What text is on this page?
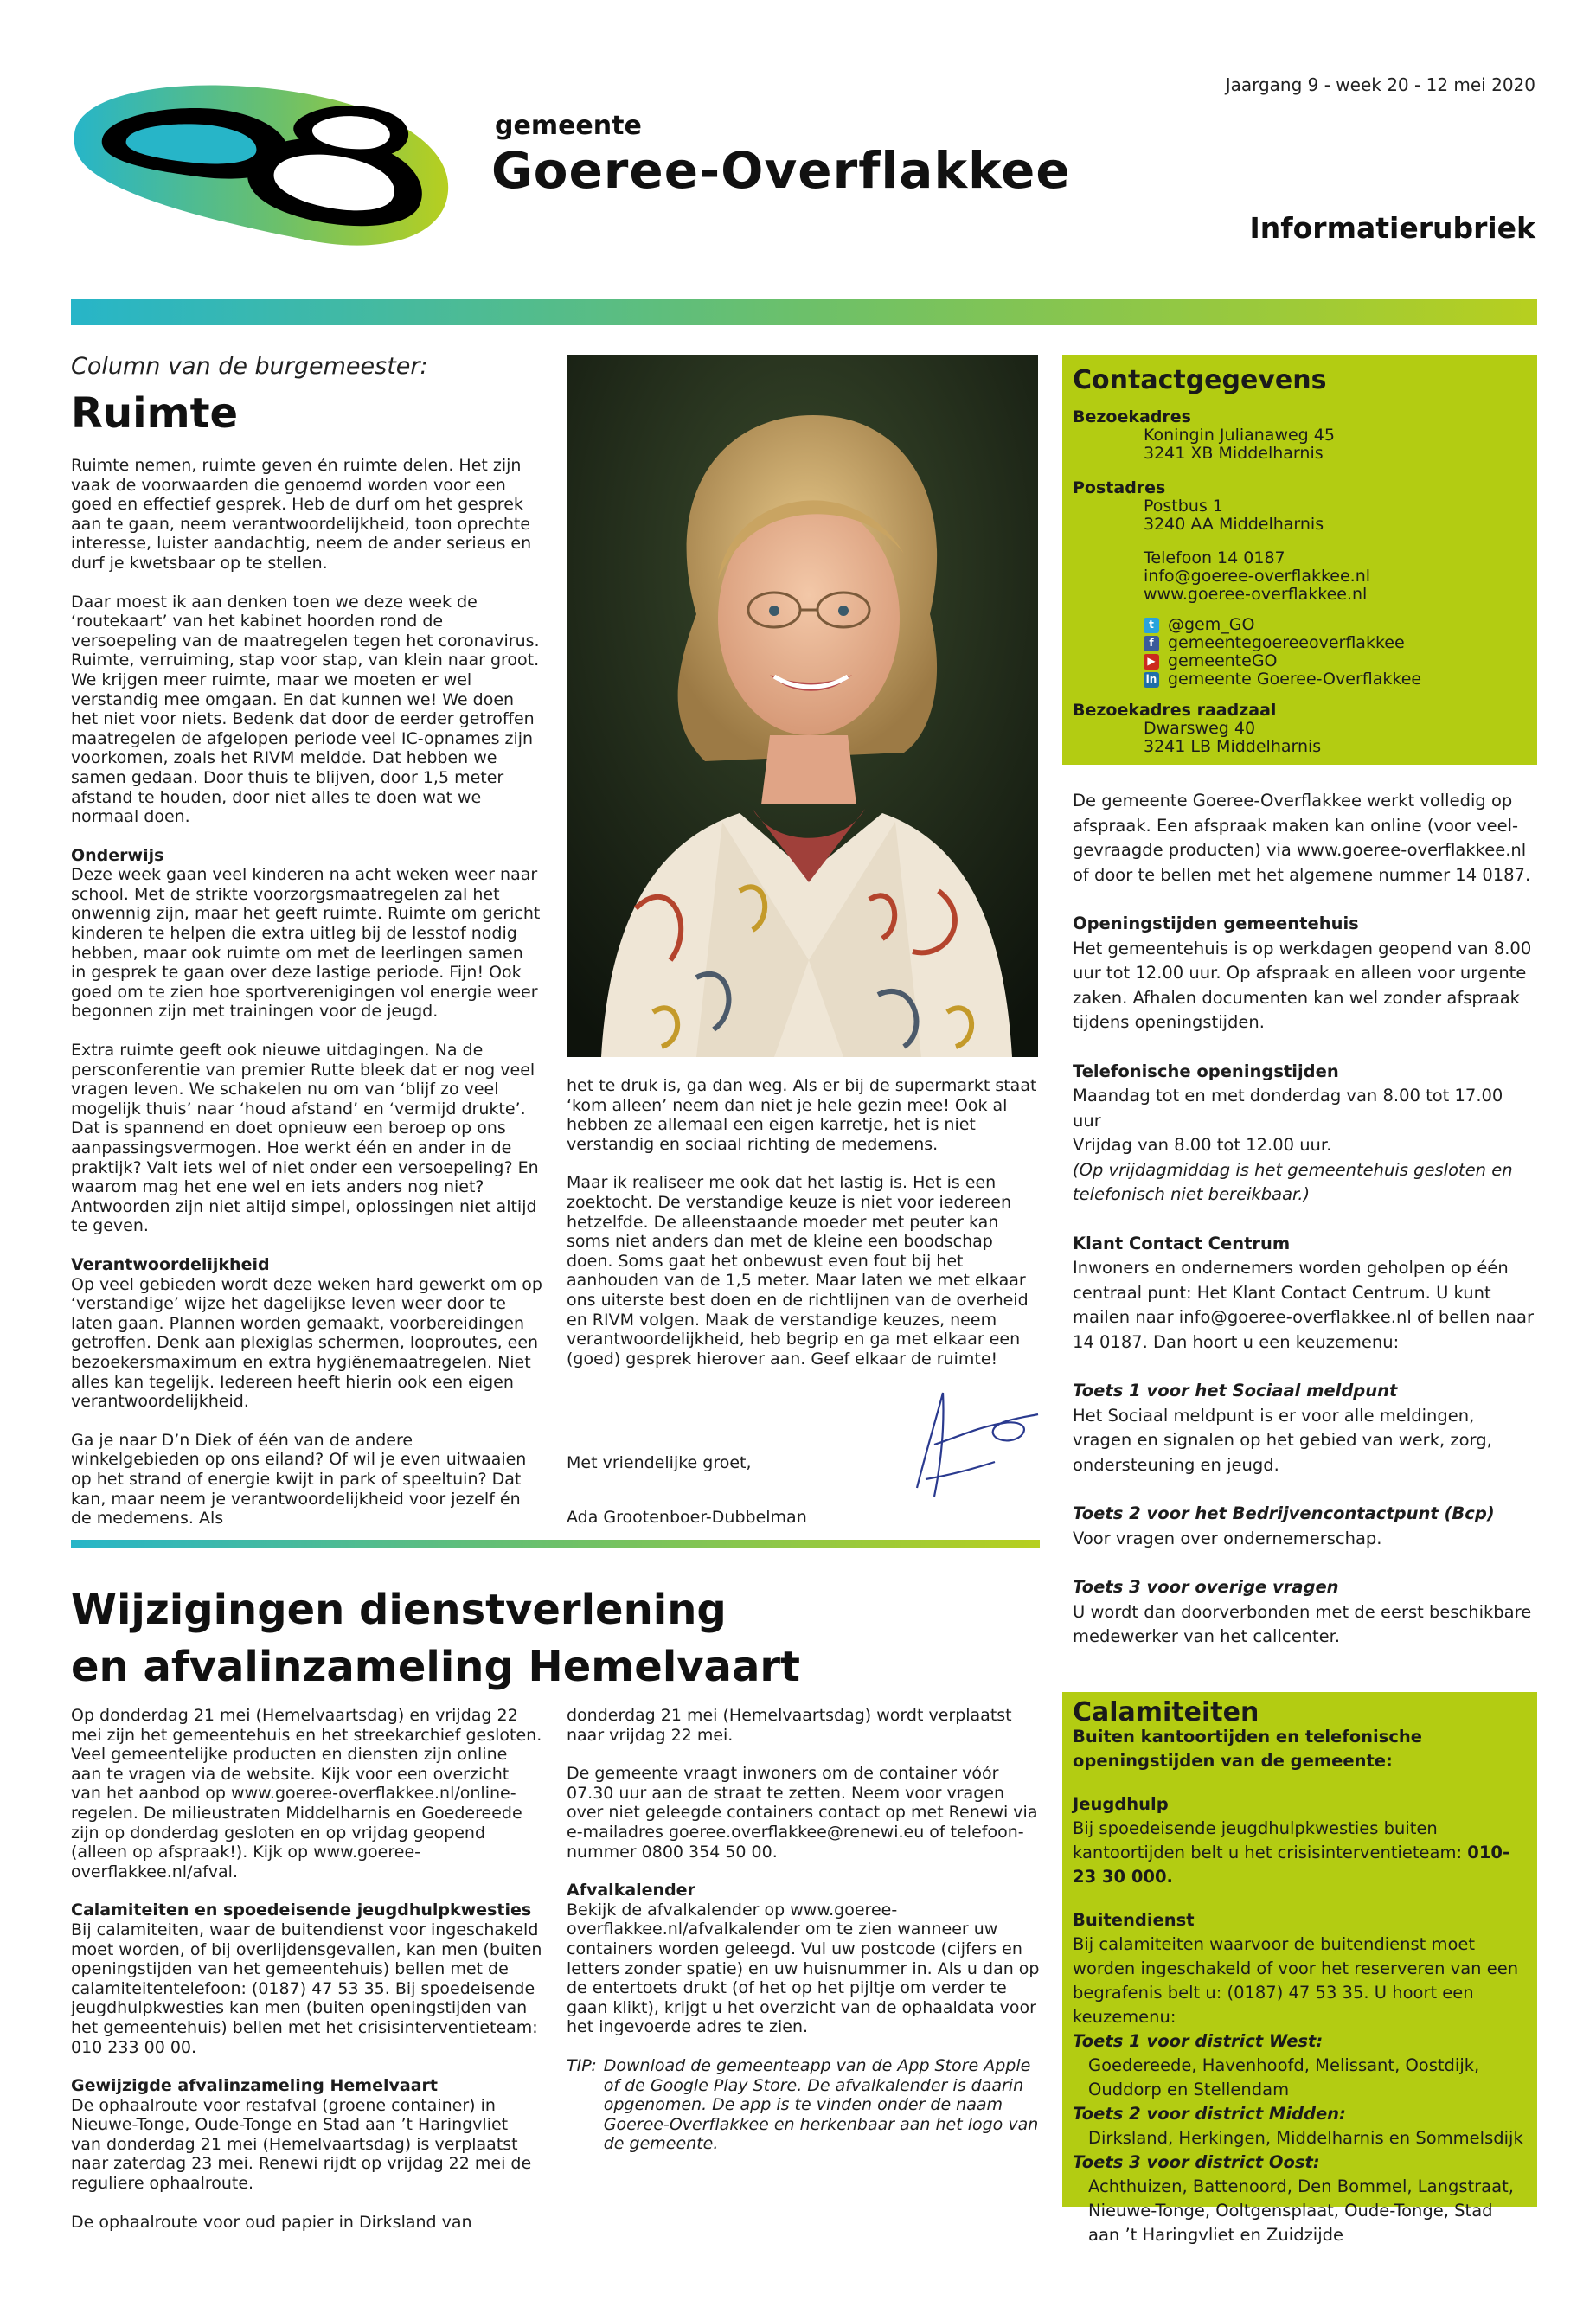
Jaargang 9 - week 20 - 12 mei 2020
gemeente
Goeree-Overflakkee
Informatierubriek
Column van de burgemeester:
Ruimte

Ruimte nemen, ruimte geven én ruimte delen. Het zijn vaak de voorwaarden die genoemd worden voor een goed en effectief gesprek. Heb de durf om het gesprek aan te gaan, neem verantwoordelijkheid, toon oprechte interesse, luister aandachtig, neem de ander serieus en durf je kwetsbaar op te stellen.

Daar moest ik aan denken toen we deze week de ‘routekaart’ van het kabinet hoorden rond de versoepeling van de maatregelen tegen het coronavirus. Ruimte, verruiming, stap voor stap, van klein naar groot. We krijgen meer ruimte, maar we moeten er wel verstandig mee omgaan. En dat kunnen we! We doen het niet voor niets. Bedenk dat door de eerder getroffen maatregelen de afgelopen periode veel IC-opnames zijn voorkomen, zoals het RIVM meldde. Dat hebben we samen gedaan. Door thuis te blijven, door 1,5 meter afstand te houden, door niet alles te doen wat we normaal doen.

Onderwijs
Deze week gaan veel kinderen na acht weken weer naar school. Met de strikte voorzorgsmaatregelen zal het onwennig zijn, maar het geeft ruimte. Ruimte om gericht kinderen te helpen die extra uitleg bij de lesstof nodig hebben, maar ook ruimte om met de leerlingen samen in gesprek te gaan over deze lastige periode. Fijn! Ook goed om te zien hoe sportverenigingen vol energie weer begonnen zijn met trainingen voor de jeugd.

Extra ruimte geeft ook nieuwe uitdagingen. Na de persconferentie van premier Rutte bleek dat er nog veel vragen leven. We schakelen nu om van ‘blijf zo veel mogelijk thuis’ naar ‘houd afstand’ en ‘vermijd drukte’. Dat is spannend en doet opnieuw een beroep op ons aanpassingsvermogen. Hoe werkt één en ander in de praktijk? Valt iets wel of niet onder een versoepeling? En waarom mag het ene wel en iets anders nog niet? Antwoorden zijn niet altijd simpel, oplossingen niet altijd te geven.

Verantwoordelijkheid
Op veel gebieden wordt deze weken hard gewerkt om op ‘verstandige’ wijze het dagelijkse leven weer door te laten gaan. Plannen worden gemaakt, voorbereidingen getroffen. Denk aan plexiglas schermen, looproutes, een bezoekersmaximum en extra hygiënemaatregelen. Niet alles kan tegelijk. Iedereen heeft hierin ook een eigen verantwoordelijkheid.

Ga je naar D’n Diek of één van de andere winkelgebieden op ons eiland? Of wil je even uitwaaien op het strand of energie kwijt in park of speeltuin? Dat kan, maar neem je verantwoordelijkheid voor jezelf én de medemens. Als

het te druk is, ga dan weg. Als er bij de supermarkt staat ‘kom alleen’ neem dan niet je hele gezin mee! Ook al hebben ze allemaal een eigen karretje, het is niet verstandig en sociaal richting de medemens.

Maar ik realiseer me ook dat het lastig is. Het is een zoektocht. De verstandige keuze is niet voor iedereen hetzelfde. De alleenstaande moeder met peuter kan soms niet anders dan met de kleine een boodschap doen. Soms gaat het onbewust even fout bij het aanhouden van de 1,5 meter. Maar laten we met elkaar ons uiterste best doen en de richtlijnen van de overheid en RIVM volgen. Maak de verstandige keuzes, neem verantwoordelijkheid, heb begrip en ga met elkaar een (goed) gesprek hierover aan. Geef elkaar de ruimte!

Met vriendelijke groet,
Ada Grootenboer-Dubbelman
Wijzigingen dienstverlening
en afvalinzameling Hemelvaart

Op donderdag 21 mei (Hemelvaartsdag) en vrijdag 22 mei zijn het gemeentehuis en het streekarchief gesloten. Veel gemeentelijke producten en diensten zijn online aan te vragen via de website. Kijk voor een overzicht van het aanbod op www.goeree-overflakkee.nl/online-regelen. De milieustraten Middelharnis en Goedereede zijn op donderdag gesloten en op vrijdag geopend (alleen op afspraak!). Kijk op www.goeree-overflakkee.nl/afval.

Calamiteiten en spoedeisende jeugdhulpkwesties
Bij calamiteiten, waar de buitendienst voor ingeschakeld moet worden, of bij overlijdensgevallen, kan men (buiten openingstijden van het gemeentehuis) bellen met de calamiteitentelefoon: (0187) 47 53 35. Bij spoedeisende jeugdhulpkwesties kan men (buiten openingstijden van het gemeentehuis) bellen met het crisisinterventieteam: 010 233 00 00.

Gewijzigde afvalinzameling Hemelvaart
De ophaalroute voor restafval (groene container) in Nieuwe-Tonge, Oude-Tonge en Stad aan ’t Haringvliet van donderdag 21 mei (Hemelvaartsdag) is verplaatst naar zaterdag 23 mei. Renewi rijdt op vrijdag 22 mei de reguliere ophaalroute.

De ophaalroute voor oud papier in Dirksland van

donderdag 21 mei (Hemelvaartsdag) wordt verplaatst naar vrijdag 22 mei.

De gemeente vraagt inwoners om de container vóór 07.30 uur aan de straat te zetten. Neem voor vragen over niet geleegde containers contact op met Renewi via e-mailadres goeree.overflakkee@renewi.eu of telefoon-nummer 0800 354 50 00.

Afvalkalender
Bekijk de afvalkalender op www.goeree-overflakkee.nl/afvalkalender om te zien wanneer uw containers worden geleegd. Vul uw postcode (cijfers en letters zonder spatie) en uw huisnummer in. Als u dan op de entertoets drukt (of het op het pijltje om verder te gaan klikt), krijgt u het overzicht van de ophaaldata voor het ingevoerde adres te zien.

TIP: Download de gemeenteapp van de App Store Apple of de Google Play Store. De afvalkalender is daarin opgenomen. De app is te vinden onder de naam Goeree-Overflakkee en herkenbaar aan het logo van de gemeente.
Contactgegevens
Bezoekadres
Koningin Julianaweg 45
3241 XB Middelharnis
Postadres
Postbus 1
3240 AA Middelharnis
Telefoon 14 0187
info@goeree-overflakkee.nl
www.goeree-overflakkee.nl
t @gem_GO
f gemeentegoereeoverflakkee
▶ gemeenteGO
in gemeente Goeree-Overflakkee
Bezoekadres raadzaal
Dwarsweg 40
3241 LB Middelharnis
De gemeente Goeree-Overflakkee werkt volledig op afspraak. Een afspraak maken kan online (voor veel-gevraagde producten) via www.goeree-overflakkee.nl of door te bellen met het algemene nummer 14 0187.
Openingstijden gemeentehuis
Het gemeentehuis is op werkdagen geopend van 8.00 uur tot 12.00 uur. Op afspraak en alleen voor urgente zaken. Afhalen documenten kan wel zonder afspraak tijdens openingstijden.
Telefonische openingstijden
Maandag tot en met donderdag van 8.00 tot 17.00 uur
Vrijdag van 8.00 tot 12.00 uur.
(Op vrijdagmiddag is het gemeentehuis gesloten en telefonisch niet bereikbaar.)
Klant Contact Centrum
Inwoners en ondernemers worden geholpen op één centraal punt: Het Klant Contact Centrum. U kunt mailen naar info@goeree-overflakkee.nl of bellen naar 14 0187. Dan hoort u een keuzemenu:
Toets 1 voor het Sociaal meldpunt
Het Sociaal meldpunt is er voor alle meldingen, vragen en signalen op het gebied van werk, zorg, ondersteuning en jeugd.
Toets 2 voor het Bedrijvencontactpunt (Bcp)
Voor vragen over ondernemerschap.
Toets 3 voor overige vragen
U wordt dan doorverbonden met de eerst beschikbare medewerker van het callcenter.
Calamiteiten
Buiten kantoortijden en telefonische openingstijden van de gemeente:
Jeugdhulp
Bij spoedeisende jeugdhulpkwesties buiten kantoortijden belt u het crisisinterventieteam: 010-23 30 000.
Buitendienst
Bij calamiteiten waarvoor de buitendienst moet worden ingeschakeld of voor het reserveren van een begrafenis belt u: (0187) 47 53 35. U hoort een keuzemenu:
Toets 1 voor district West:
Goedereede, Havenhoofd, Melissant, Oostdijk, Ouddorp en Stellendam
Toets 2 voor district Midden:
Dirksland, Herkingen, Middelharnis en Sommelsdijk
Toets 3 voor district Oost:
Achthuizen, Battenoord, Den Bommel, Langstraat, Nieuwe-Tonge, Ooltgensplaat, Oude-Tonge, Stad aan ’t Haringvliet en Zuidzijde
